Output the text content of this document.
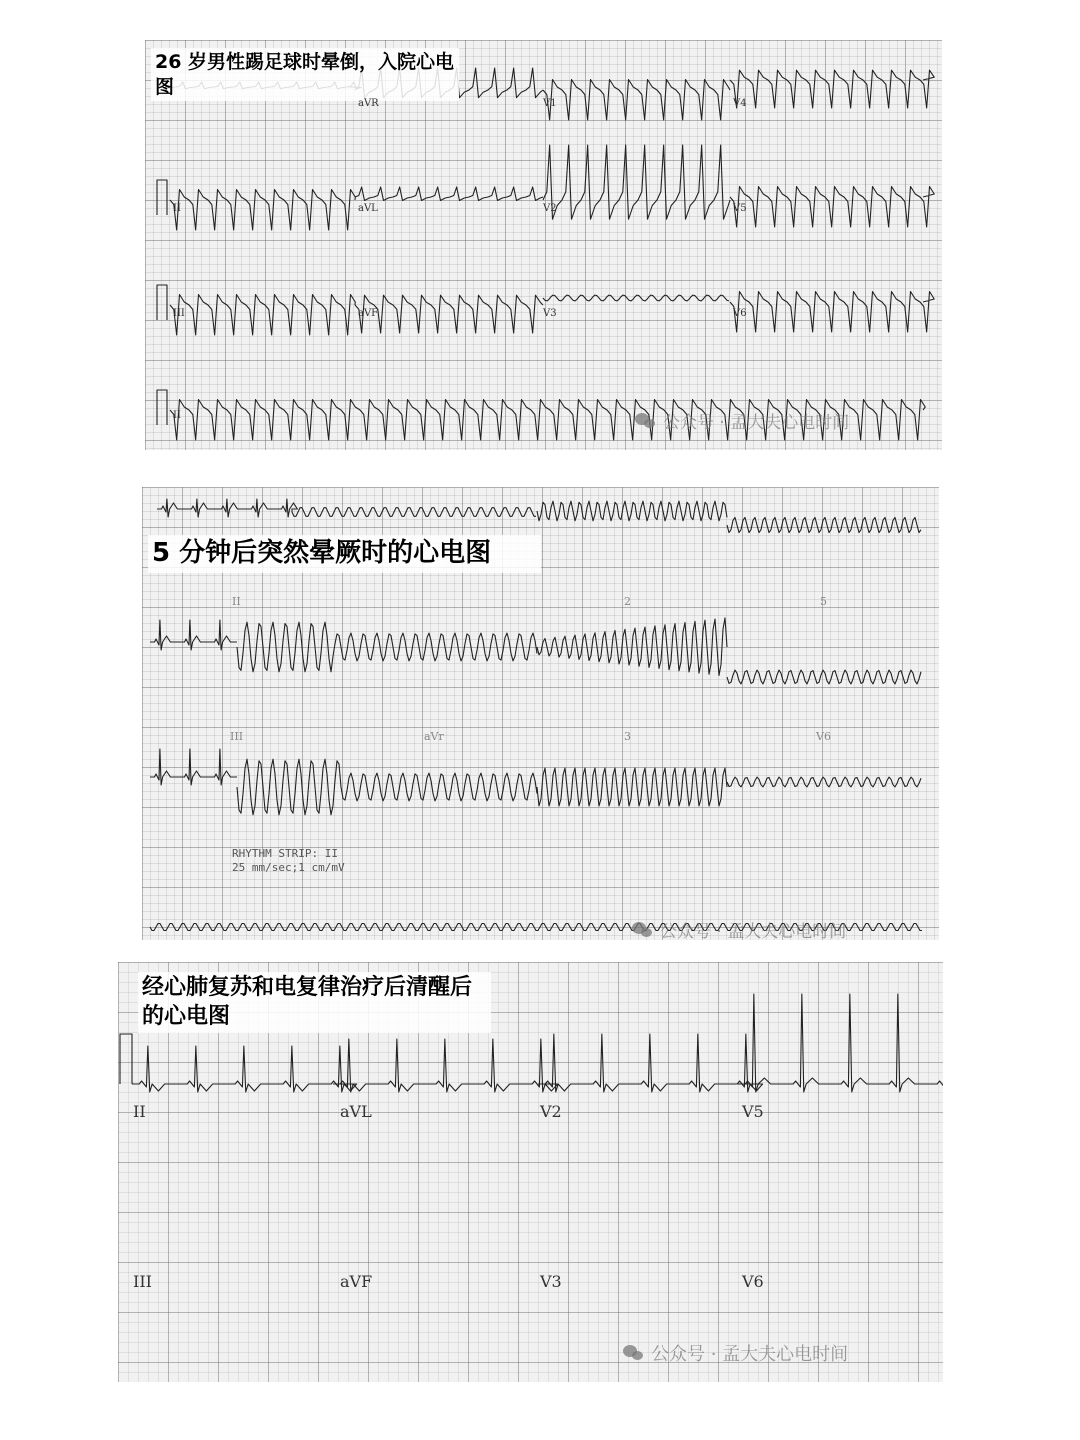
26 岁男性踢足球时晕倒，入院心电图
aVR	V1	V4
II	aVL	V2	V5
III	aVF	V3	V6
II	公众号 · 孟大夫心电时间
5 分钟后突然晕厥时的心电图
II	2	5
III	aVr	3	V6
RHYTHM STRIP: II
25 mm/sec;1 cm/mV
公众号 · 孟大夫心电时间
经心肺复苏和电复律治疗后清醒后的心电图
II	aVL	V2	V5
III	aVF	V3	V6
公众号 · 孟大夫心电时间
